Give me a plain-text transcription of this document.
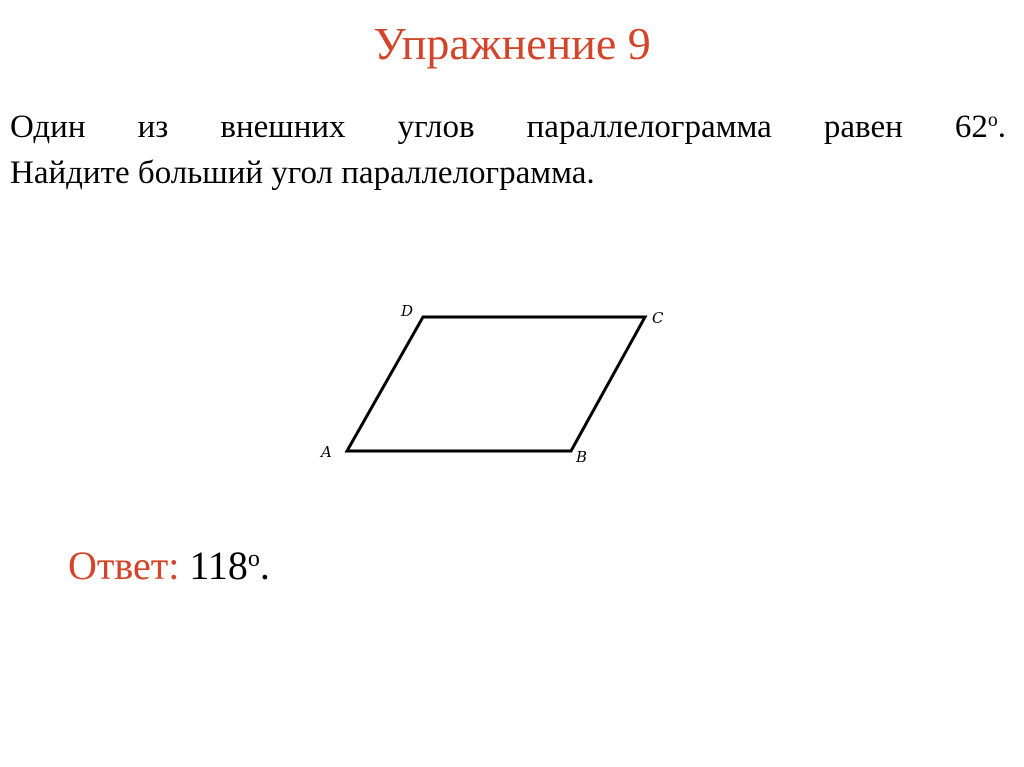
Упражнение 9
Один из внешних углов параллелограмма равен $62^о$.
Найдите больший угол параллелограмма.
A	B
C
D
Ответ: $118^о$.
